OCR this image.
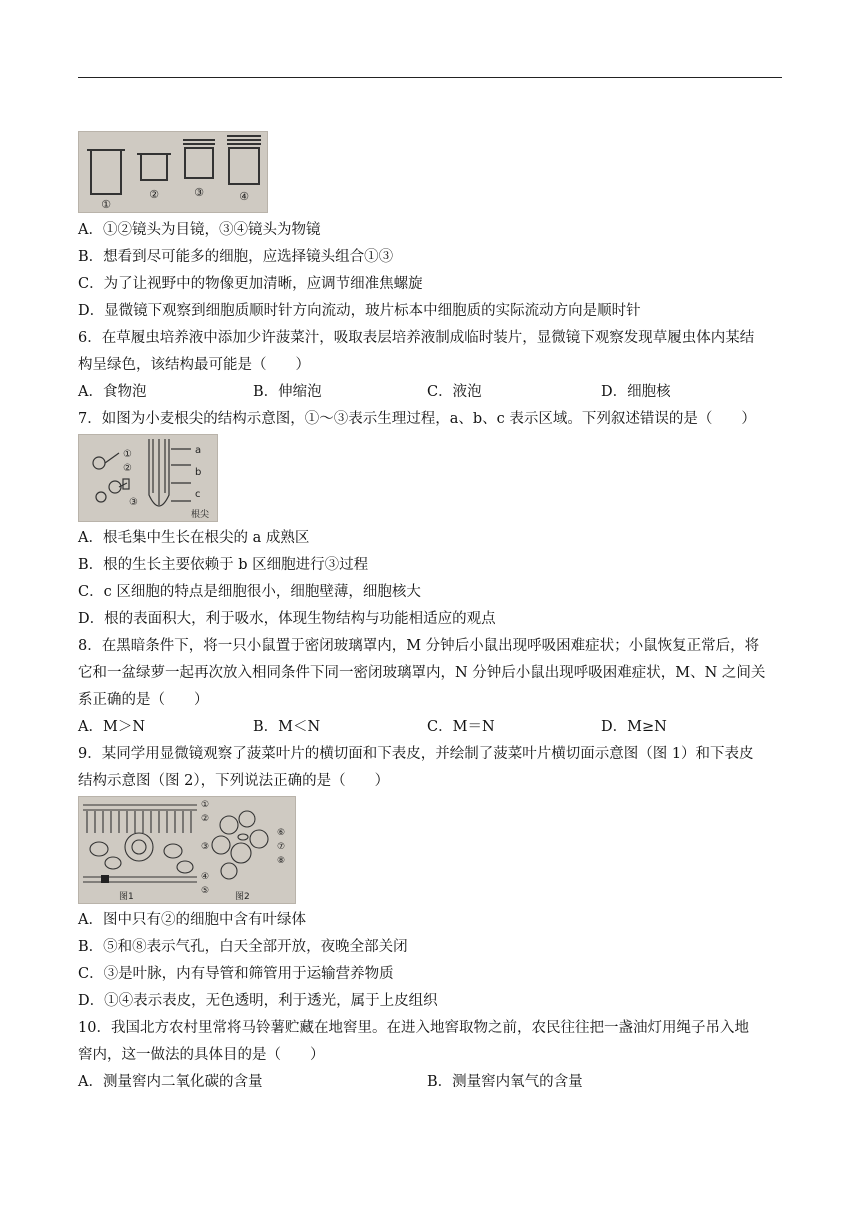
①
②	③	④
A．①②镜头为目镜，③④镜头为物镜
B．想看到尽可能多的细胞，应选择镜头组合①③
C．为了让视野中的物像更加清晰，应调节细准焦螺旋
D．显微镜下观察到细胞质顺时针方向流动，玻片标本中细胞质的实际流动方向是顺时针
6．在草履虫培养液中添加少许菠菜汁，吸取表层培养液制成临时装片，显微镜下观察发现草履虫体内某结
构呈绿色，该结构最可能是（　　）
A．食物泡	B．伸缩泡	C．液泡	D．细胞核
7．如图为小麦根尖的结构示意图，①～③表示生理过程，a、b、c 表示区域。下列叙述错误的是（　　）
①
②
③
a
b
c
根尖
A．根毛集中生长在根尖的 a 成熟区
B．根的生长主要依赖于 b 区细胞进行③过程
C．c 区细胞的特点是细胞很小，细胞壁薄，细胞核大
D．根的表面积大，利于吸水，体现生物结构与功能相适应的观点
8．在黑暗条件下，将一只小鼠置于密闭玻璃罩内，M 分钟后小鼠出现呼吸困难症状；小鼠恢复正常后，将
它和一盆绿萝一起再次放入相同条件下同一密闭玻璃罩内，N 分钟后小鼠出现呼吸困难症状，M、N 之间关
系正确的是（　　）
A．M＞N	B．M＜N	C．M＝N	D．M≥N
9．某同学用显微镜观察了菠菜叶片的横切面和下表皮，并绘制了菠菜叶片横切面示意图（图 1）和下表皮
结构示意图（图 2），下列说法正确的是（　　）
①
②
③
④
⑤
⑥
⑦
⑧
图1	图2
A．图中只有②的细胞中含有叶绿体
B．⑤和⑧表示气孔，白天全部开放，夜晚全部关闭
C．③是叶脉，内有导管和筛管用于运输营养物质
D．①④表示表皮，无色透明，利于透光，属于上皮组织
10．我国北方农村里常将马铃薯贮藏在地窖里。在进入地窖取物之前，农民往往把一盏油灯用绳子吊入地
窖内，这一做法的具体目的是（　　）
A．测量窖内二氧化碳的含量	B．测量窖内氧气的含量
